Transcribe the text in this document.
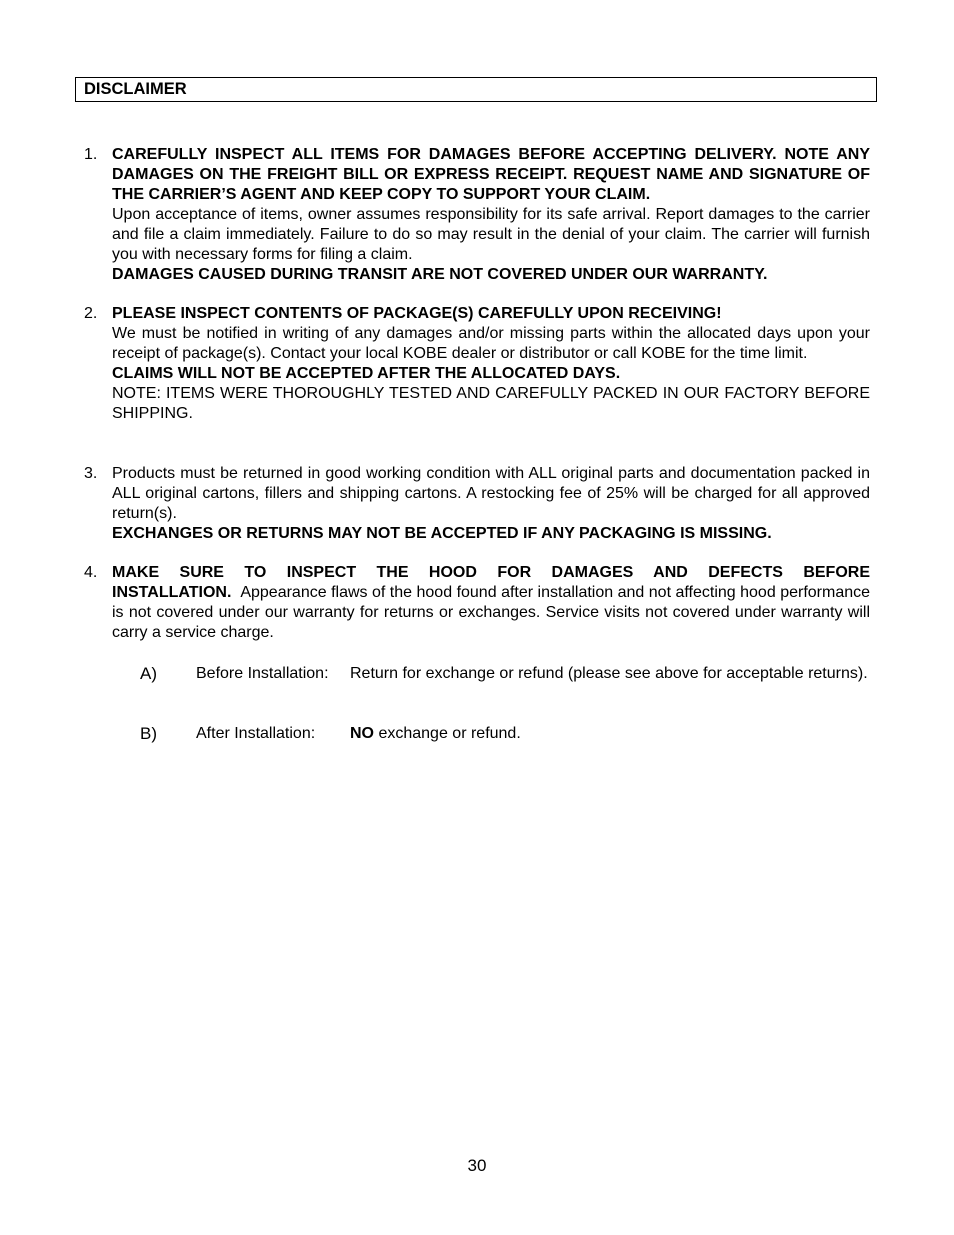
DISCLAIMER
1. CAREFULLY INSPECT ALL ITEMS FOR DAMAGES BEFORE ACCEPTING DELIVERY. NOTE ANY DAMAGES ON THE FREIGHT BILL OR EXPRESS RECEIPT. REQUEST NAME AND SIGNATURE OF THE CARRIER’S AGENT AND KEEP COPY TO SUPPORT YOUR CLAIM.

Upon acceptance of items, owner assumes responsibility for its safe arrival. Report damages to the carrier and file a claim immediately. Failure to do so may result in the denial of your claim. The carrier will furnish you with necessary forms for filing a claim.

DAMAGES CAUSED DURING TRANSIT ARE NOT COVERED UNDER OUR WARRANTY.

2. PLEASE INSPECT CONTENTS OF PACKAGE(S) CAREFULLY UPON RECEIVING!

We must be notified in writing of any damages and/or missing parts within the allocated days upon your receipt of package(s). Contact your local KOBE dealer or distributor or call KOBE for the time limit.

CLAIMS WILL NOT BE ACCEPTED AFTER THE ALLOCATED DAYS.

NOTE: ITEMS WERE THOROUGHLY TESTED AND CAREFULLY PACKED IN OUR FACTORY BEFORE SHIPPING.

3. Products must be returned in good working condition with ALL original parts and documentation packed in ALL original cartons, fillers and shipping cartons. A restocking fee of 25% will be charged for all approved return(s).

EXCHANGES OR RETURNS MAY NOT BE ACCEPTED IF ANY PACKAGING IS MISSING.

4. MAKE SURE TO INSPECT THE HOOD FOR DAMAGES AND DEFECTS BEFORE INSTALLATION. Appearance flaws of the hood found after installation and not affecting hood performance is not covered under our warranty for returns or exchanges. Service visits not covered under warranty will carry a service charge.

A) Before Installation: Return for exchange or refund (please see above for acceptable returns).
B) After Installation: NO exchange or refund.
30
